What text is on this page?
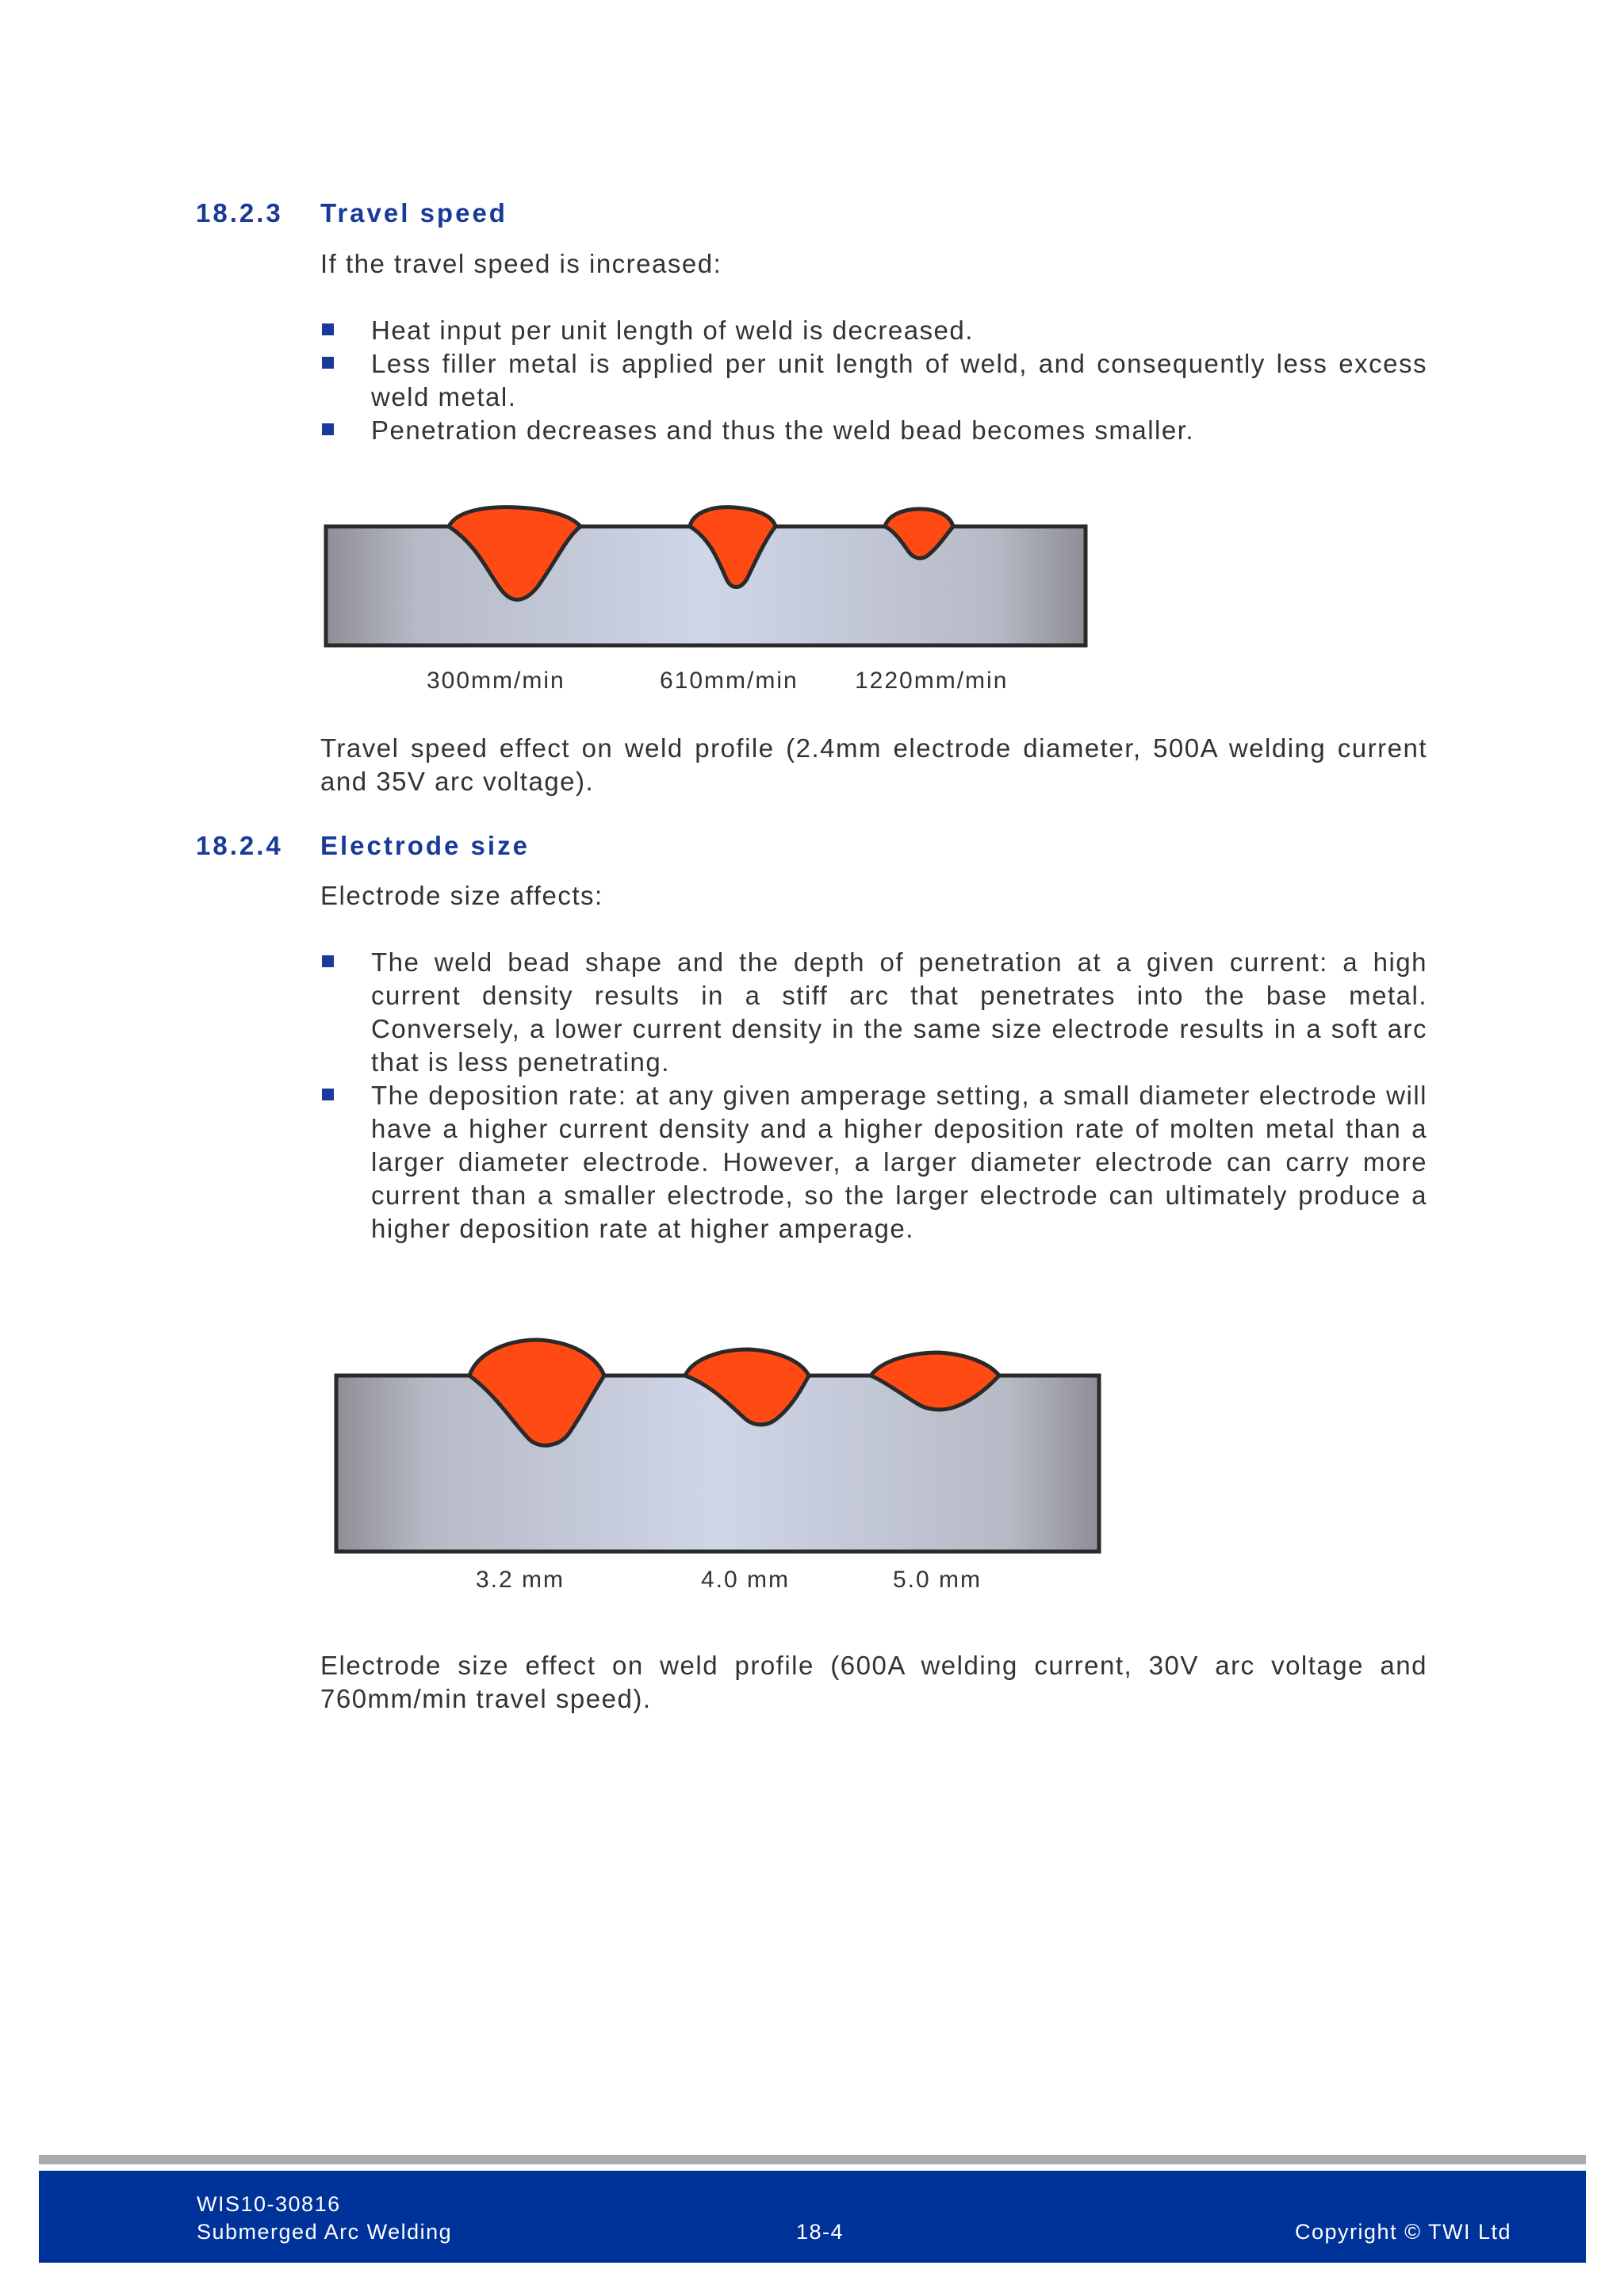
18.2.3 Travel speed

If the travel speed is increased:

Heat input per unit length of weld is decreased.
Less filler metal is applied per unit length of weld, and consequently less excess weld metal.
Penetration decreases and thus the weld bead becomes smaller.
300mm/min	610mm/min 1220mm/min

Travel speed effect on weld profile (2.4mm electrode diameter, 500A welding current and 35V arc voltage).

18.2.4 Electrode size

Electrode size affects:

The weld bead shape and the depth of penetration at a given current: a high current density results in a stiff arc that penetrates into the base metal. Conversely, a lower current density in the same size electrode results in a soft arc that is less penetrating.
The deposition rate: at any given amperage setting, a small diameter electrode will have a higher current density and a higher deposition rate of molten metal than a larger diameter electrode. However, a larger diameter electrode can carry more current than a smaller electrode, so the larger electrode can ultimately produce a higher deposition rate at higher amperage.
3.2 mm	4.0 mm	5.0 mm

Electrode size effect on weld profile (600A welding current, 30V arc voltage and 760mm/min travel speed).

WIS10-30816
Submerged Arc Welding	18-4	Copyright © TWI Ltd
